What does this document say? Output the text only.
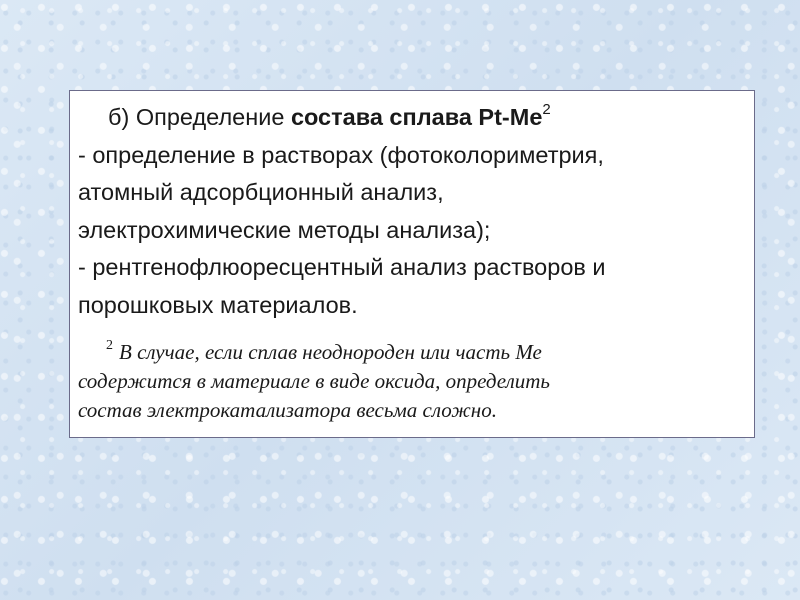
б) Определение состава сплава Pt-Me$^2$
- определение в растворах (фотоколориметрия,
атомный адсорбционный анализ,
электрохимические методы анализа);
- рентгенофлюоресцентный анализ растворов и
порошковых материалов.
$^2$ В случае, если сплав неоднороден или часть Ме
содержится в материале в виде оксида, определить
состав электрокатализатора весьма сложно.
